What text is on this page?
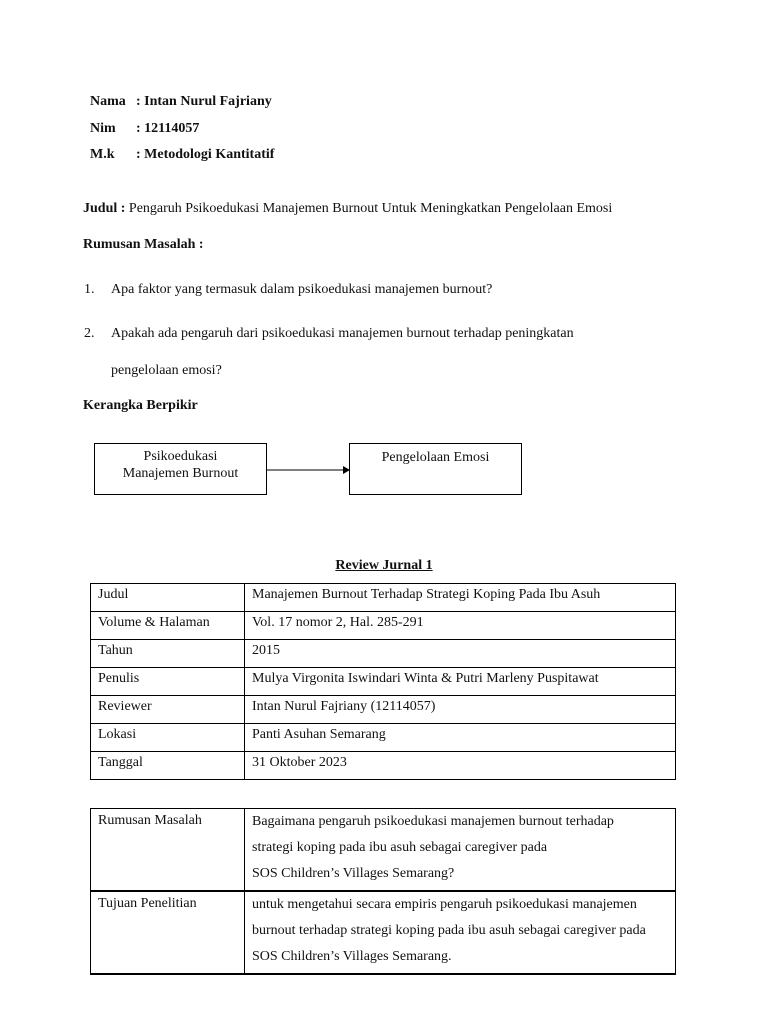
Nama : Intan Nurul Fajriany
Nim : 12114057
M.k : Metodologi Kantitatif
Judul : Pengaruh Psikoedukasi Manajemen Burnout Untuk Meningkatkan Pengelolaan Emosi
Rumusan Masalah :
1. Apa faktor yang termasuk dalam psikoedukasi manajemen burnout?
2. Apakah ada pengaruh dari psikoedukasi manajemen burnout terhadap peningkatan
pengelolaan emosi?
Kerangka Berpikir
Psikoedukasi
Manajemen Burnout
Pengelolaan Emosi
Review Jurnal 1
Judul	Manajemen Burnout Terhadap Strategi Koping Pada Ibu Asuh
Volume & Halaman	Vol. 17 nomor 2, Hal. 285-291
Tahun	2015
Penulis	Mulya Virgonita Iswindari Winta & Putri Marleny Puspitawat
Reviewer	Intan Nurul Fajriany (12114057)
Lokasi	Panti Asuhan Semarang
Tanggal	31 Oktober 2023
Rumusan Masalah	Bagaimana pengaruh psikoedukasi manajemen burnout terhadap
strategi koping pada ibu asuh sebagai caregiver pada
SOS Children’s Villages Semarang?

Tujuan Penelitian	untuk mengetahui secara empiris pengaruh psikoedukasi manajemen
burnout terhadap strategi koping pada ibu asuh sebagai caregiver pada
SOS Children’s Villages Semarang.
